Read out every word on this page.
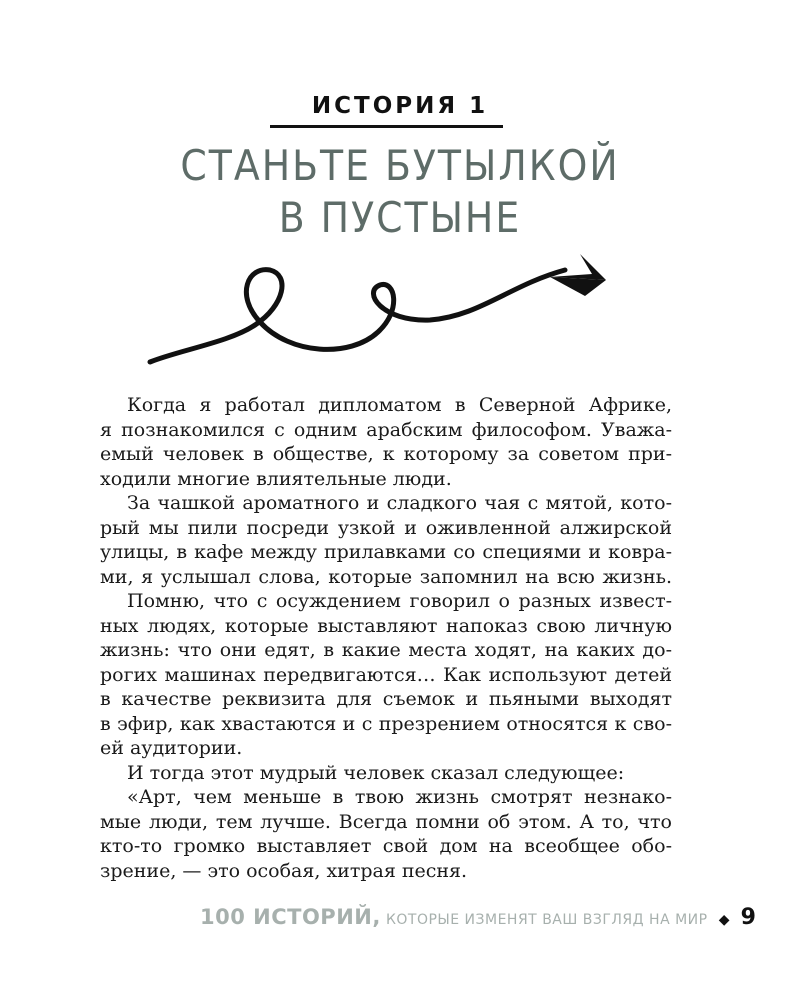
ИСТОРИЯ 1
СТАНЬТЕ БУТЫЛКОЙ
В ПУСТЫНЕ
Когда я работал дипломатом в Северной Африке,
я познакомился с одним арабским философом. Уважа-
емый человек в обществе, к которому за советом при-
ходили многие влиятельные люди.
За чашкой ароматного и сладкого чая с мятой, кото-
рый мы пили посреди узкой и оживленной алжирской
улицы, в кафе между прилавками со специями и ковра-
ми, я услышал слова, которые запомнил на всю жизнь.
Помню, что с осуждением говорил о разных извест-
ных людях, которые выставляют напоказ свою личную
жизнь: что они едят, в какие места ходят, на каких до-
рогих машинах передвигаются… Как используют детей
в качестве реквизита для съемок и пьяными выходят
в эфир, как хвастаются и с презрением относятся к сво-
ей аудитории.
И тогда этот мудрый человек сказал следующее:
«Арт, чем меньше в твою жизнь смотрят незнако-
мые люди, тем лучше. Всегда помни об этом. А то, что
кто-то громко выставляет свой дом на всеобщее обо-
зрение, — это особая, хитрая песня.
100 ИСТОРИЙ, КОТОРЫЕ ИЗМЕНЯТ ВАШ ВЗГЛЯД НА МИР ◆ 9
